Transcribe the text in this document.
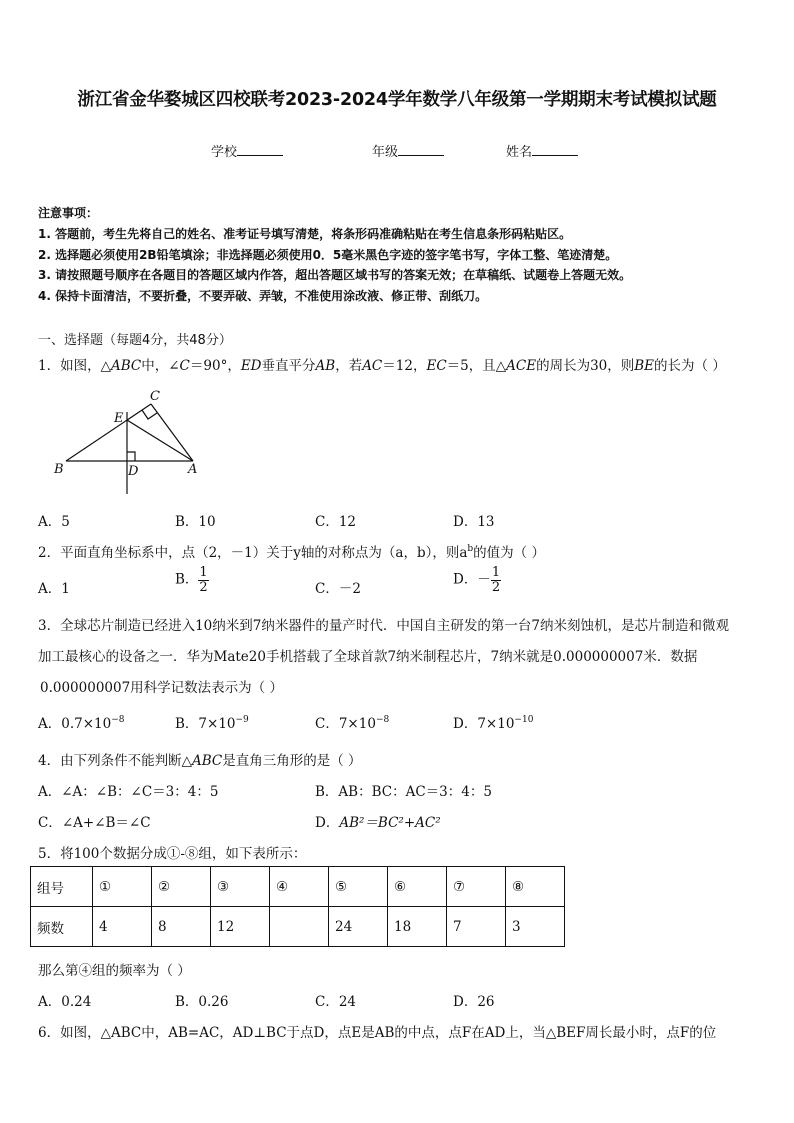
浙江省金华婺城区四校联考2023-2024学年数学八年级第一学期期末考试模拟试题
学校	年级	姓名
注意事项：
1. 答题前，考生先将自己的姓名、准考证号填写清楚，将条形码准确粘贴在考生信息条形码粘贴区。
2. 选择题必须使用2B铅笔填涂；非选择题必须使用0．5毫米黑色字迹的签字笔书写，字体工整、笔迹清楚。
3. 请按照题号顺序在各题目的答题区域内作答，超出答题区域书写的答案无效；在草稿纸、试题卷上答题无效。
4. 保持卡面清洁，不要折叠，不要弄破、弄皱，不准使用涂改液、修正带、刮纸刀。
一、选择题（每题4分，共48分）
1．如图，△ABC中，∠C＝90°，ED垂直平分AB，若AC＝12，EC＝5，且△ACE的周长为30，则BE的长为（ ）
B	D	A
E
C
A．5	B．10	C．12	D．13
2．平面直角坐标系中，点（2，－1）关于y轴的对称点为（a，b），则$a^b$的值为（ ）
A．1
B． $\frac{1}{2}$	C．－2
D．－ $\frac{1}{2}$
3．全球芯片制造已经进入10纳米到7纳米器件的量产时代．中国自主研发的第一台7纳米刻蚀机，是芯片制造和微观
加工最核心的设备之一．华为Mate20手机搭载了全球首款7纳米制程芯片，7纳米就是0.000000007米．数据
0.000000007用科学记数法表示为（ ）
A．$0.7\times 10^{-8}$	B．$7\times 10^{-9}$	C．$7\times 10^{-8}$	D．$7\times 10^{-10}$
4．由下列条件不能判断△ABC是直角三角形的是（ ）
A．∠A：∠B：∠C＝3：4：5	B．AB：BC：AC＝3：4：5
C．∠A+∠B＝∠C	D．AB²＝BC²+AC²
5．将100个数据分成①-⑧组，如下表所示：
组号	①	②	③	④	⑤	⑥	⑦	⑧
频数	4	8	12		24	18	7	3
那么第④组的频率为（ ）
A．0.24	B．0.26	C．24	D．26
6．如图，△ABC中，AB=AC，AD⊥BC于点D，点E是AB的中点，点F在AD上，当△BEF周长最小时，点F的位
